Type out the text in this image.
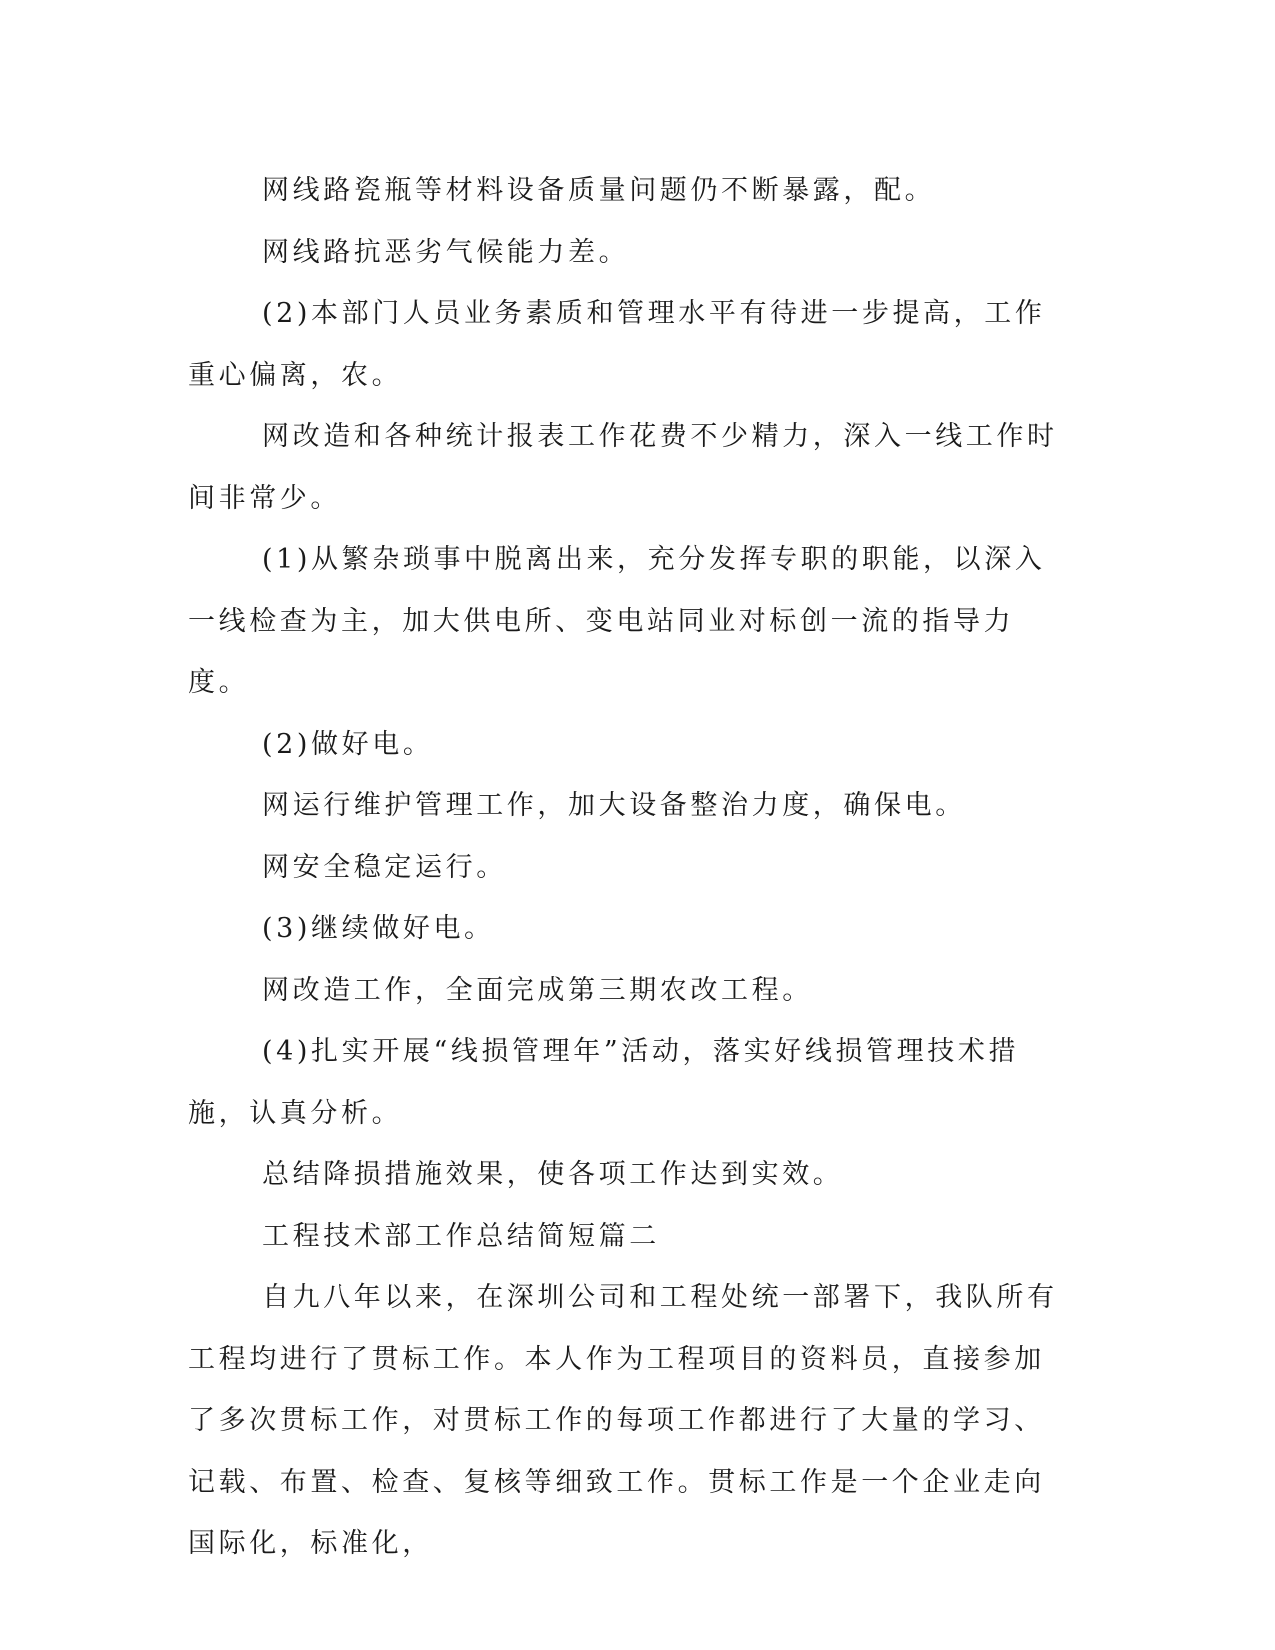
网线路瓷瓶等材料设备质量问题仍不断暴露，配。

网线路抗恶劣气候能力差。

(2)本部门人员业务素质和管理水平有待进一步提高，工作重心偏离，农。

网改造和各种统计报表工作花费不少精力，深入一线工作时间非常少。

(1)从繁杂琐事中脱离出来，充分发挥专职的职能，以深入一线检查为主，加大供电所、变电站同业对标创一流的指导力度。

(2)做好电。

网运行维护管理工作，加大设备整治力度，确保电。

网安全稳定运行。

(3)继续做好电。

网改造工作，全面完成第三期农改工程。

(4)扎实开展“线损管理年”活动，落实好线损管理技术措施，认真分析。

总结降损措施效果，使各项工作达到实效。

工程技术部工作总结简短篇二

自九八年以来，在深圳公司和工程处统一部署下，我队所有工程均进行了贯标工作。本人作为工程项目的资料员，直接参加了多次贯标工作，对贯标工作的每项工作都进行了大量的学习、记载、布置、检查、复核等细致工作。贯标工作是一个企业走向国际化，标准化，
